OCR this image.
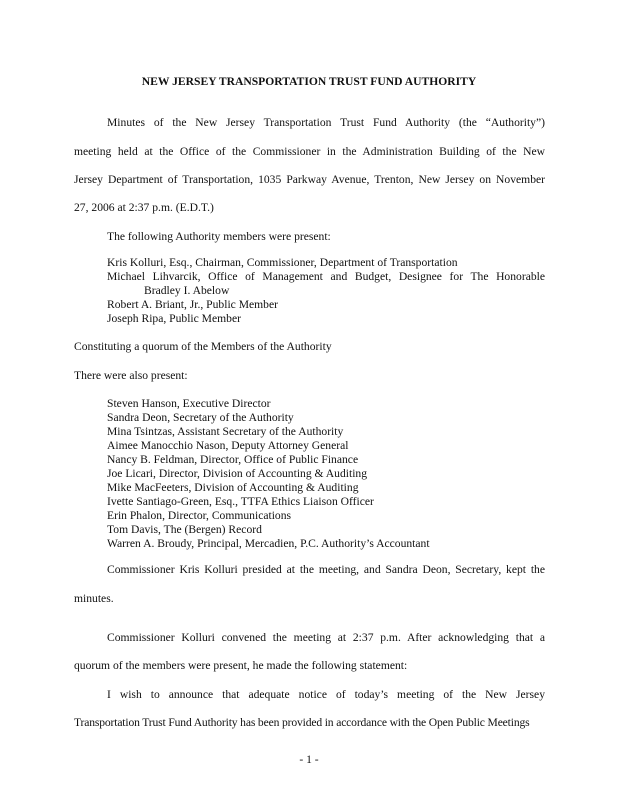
NEW JERSEY TRANSPORTATION TRUST FUND AUTHORITY
Minutes of the New Jersey Transportation Trust Fund Authority (the “Authority”)
meeting held at the Office of the Commissioner in the Administration Building of the New
Jersey Department of Transportation, 1035 Parkway Avenue, Trenton, New Jersey on November
27, 2006 at 2:37 p.m. (E.D.T.)
The following Authority members were present:
Kris Kolluri, Esq., Chairman, Commissioner, Department of Transportation
Michael Lihvarcik, Office of Management and Budget, Designee for The Honorable
Bradley I. Abelow
Robert A. Briant, Jr., Public Member
Joseph Ripa, Public Member
Constituting a quorum of the Members of the Authority
There were also present:
Steven Hanson, Executive Director
Sandra Deon, Secretary of the Authority
Mina Tsintzas, Assistant Secretary of the Authority
Aimee Manocchio Nason, Deputy Attorney General
Nancy B. Feldman, Director, Office of Public Finance
Joe Licari, Director, Division of Accounting & Auditing
Mike MacFeeters, Division of Accounting & Auditing
Ivette Santiago-Green, Esq., TTFA Ethics Liaison Officer
Erin Phalon, Director, Communications
Tom Davis, The (Bergen) Record
Warren A. Broudy, Principal, Mercadien, P.C. Authority’s Accountant
Commissioner Kris Kolluri presided at the meeting, and Sandra Deon, Secretary, kept the
minutes.
Commissioner Kolluri convened the meeting at 2:37 p.m. After acknowledging that a
quorum of the members were present, he made the following statement:
I wish to announce that adequate notice of today’s meeting of the New Jersey
Transportation Trust Fund Authority has been provided in accordance with the Open Public Meetings
- 1 -
